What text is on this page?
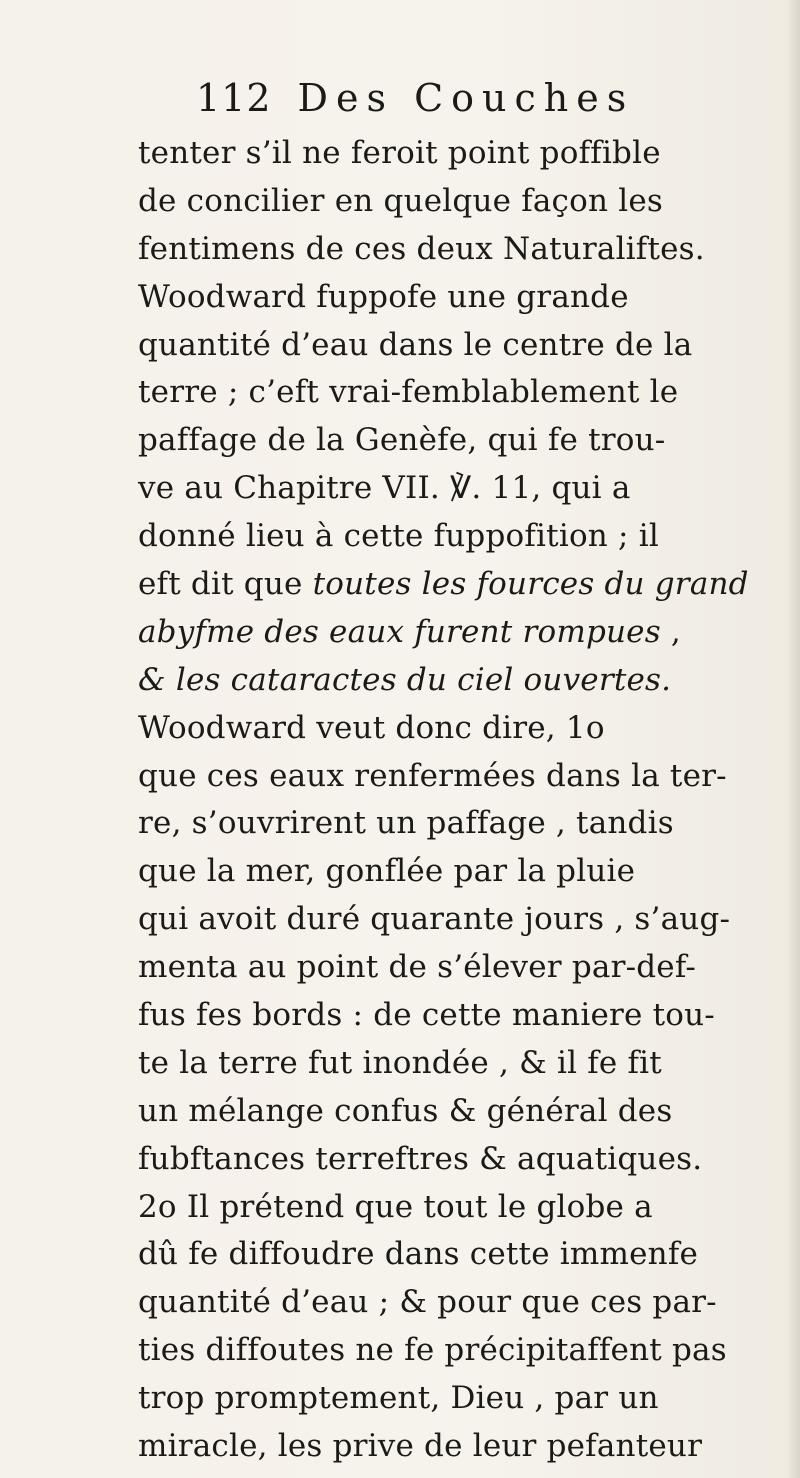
112 Des Couches
tenter s’il ne feroit point poffible
de concilier en quelque façon les
fentimens de ces deux Naturaliftes.
Woodward fuppofe une grande
quantité d’eau dans le centre de la
terre ; c’eft vrai-femblablement le
paffage de la Genèfe, qui fe trou-
ve au Chapitre VII. ℣. 11, qui a
donné lieu à cette fuppofition ; il
eft dit que toutes les fources du grand
abyfme des eaux furent rompues ,
& les cataractes du ciel ouvertes.
Woodward veut donc dire, 1o
que ces eaux renfermées dans la ter-
re, s’ouvrirent un paffage , tandis
que la mer, gonflée par la pluie
qui avoit duré quarante jours , s’aug-
menta au point de s’élever par-def-
fus fes bords : de cette maniere tou-
te la terre fut inondée , & il fe fit
un mélange confus & général des
fubftances terreftres & aquatiques.
2o Il prétend que tout le globe a
dû fe diffoudre dans cette immenfe
quantité d’eau ; & pour que ces par-
ties diffoutes ne fe précipitaffent pas
trop promptement, Dieu , par un
miracle, les prive de leur pefanteur
